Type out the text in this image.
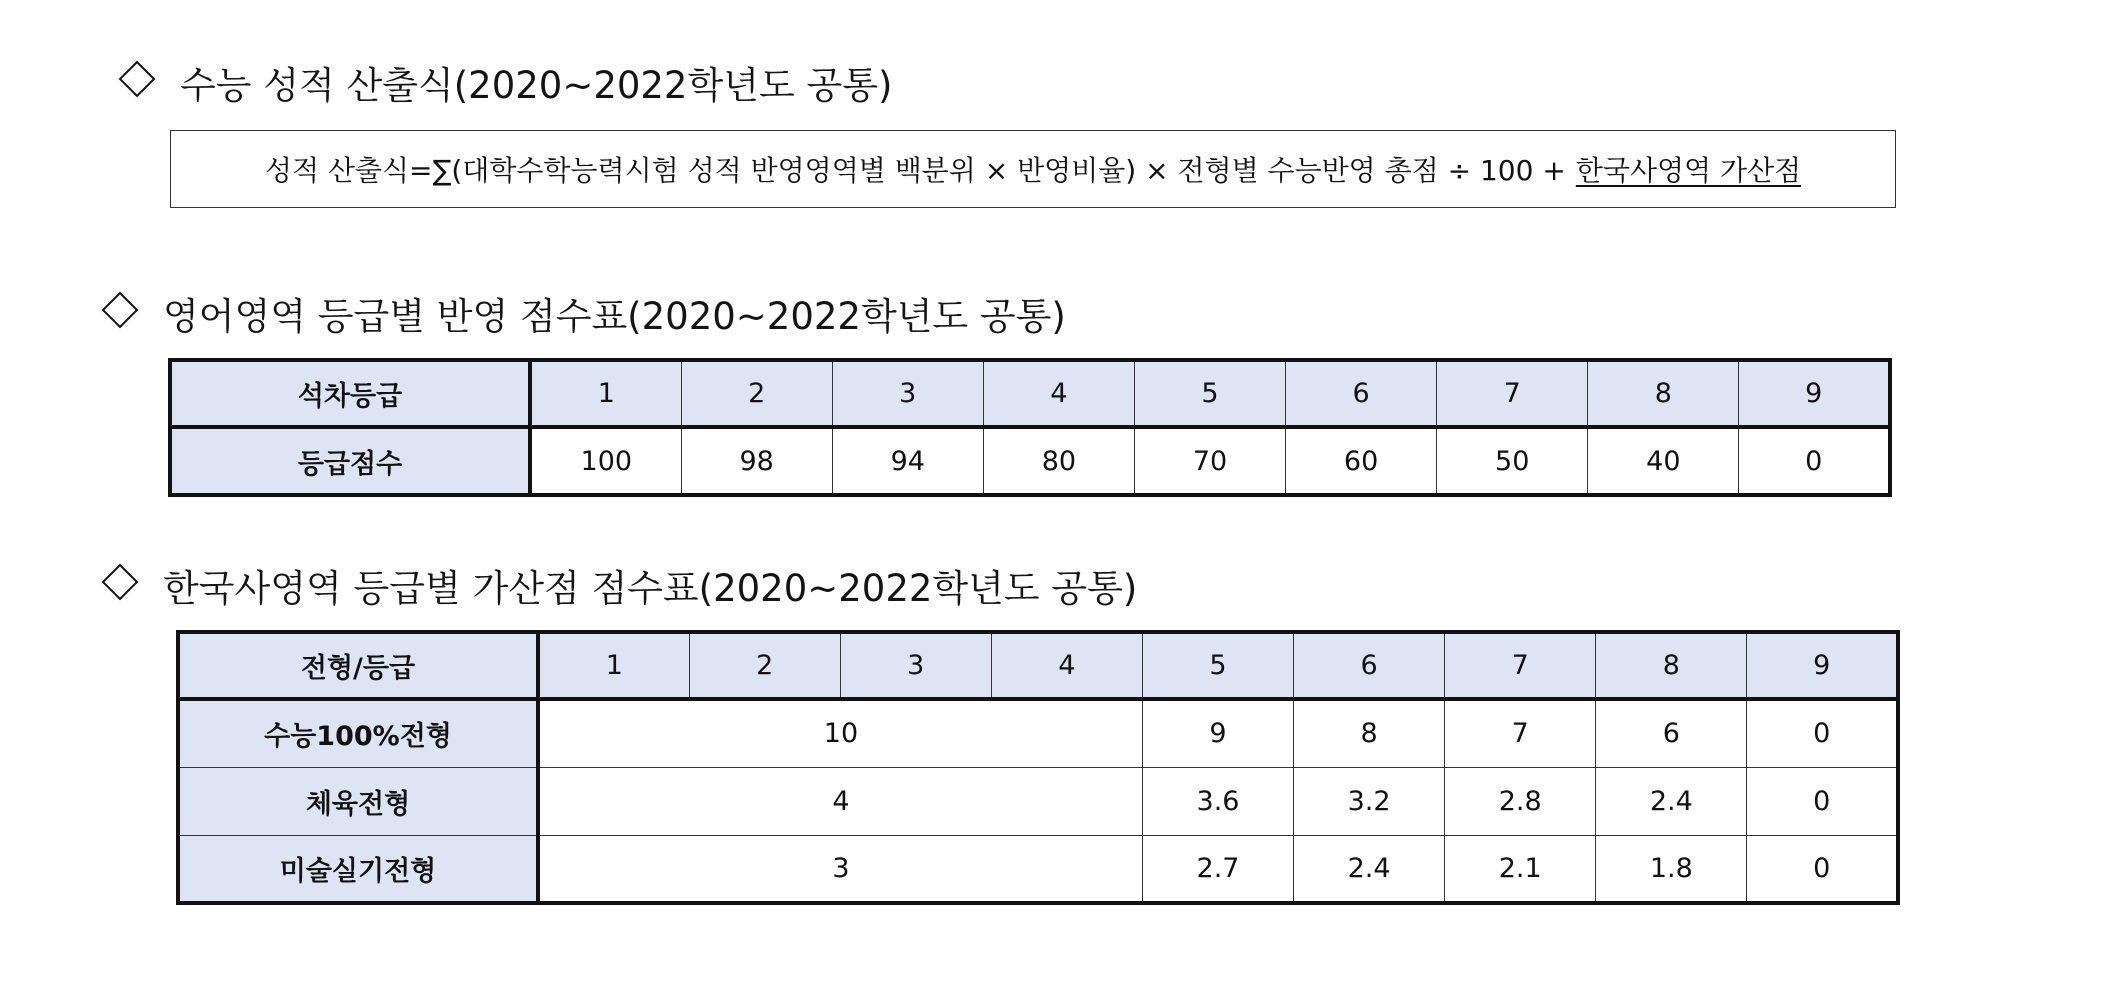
수능 성적 산출식(2020~2022학년도 공통)
성적 산출식=∑(대학수학능력시험 성적 반영영역별 백분위 × 반영비율) × 전형별 수능반영 총점 ÷ 100 + 한국사영역 가산점
영어영역 등급별 반영 점수표(2020~2022학년도 공통)
석차등급	1	2	3	4	5	6	7	8	9
등급점수	100	98	94	80	70	60	50	40	0
한국사영역 등급별 가산점 점수표(2020~2022학년도 공통)
전형/등급	1	2	3	4	5	6	7	8	9
수능100%전형	10				9	8	7	6	0
체육전형	4				3.6	3.2	2.8	2.4	0
미술실기전형	3				2.7	2.4	2.1	1.8	0
